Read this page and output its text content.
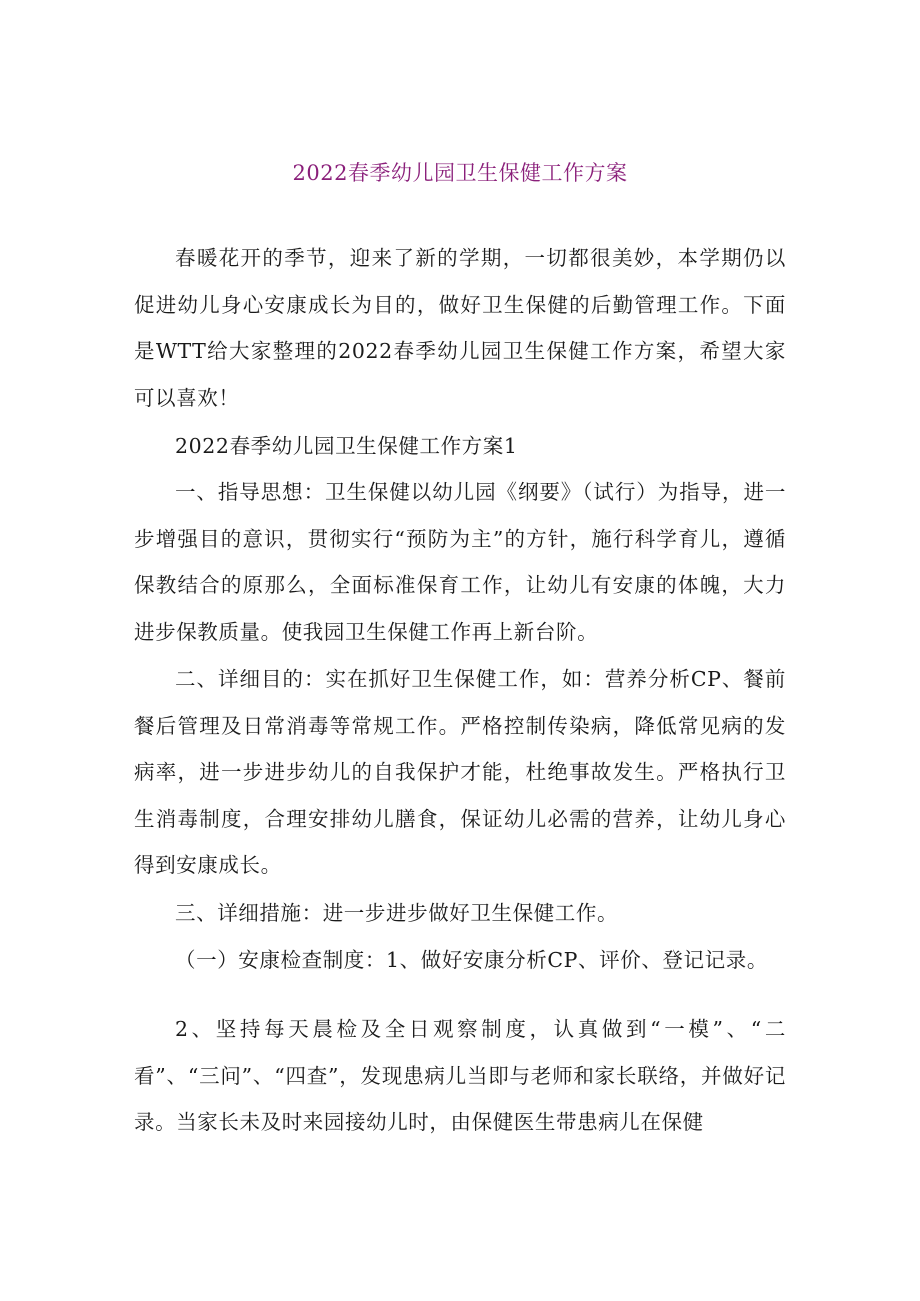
2022春季幼儿园卫生保健工作方案

春暖花开的季节，迎来了新的学期，一切都很美妙，本学期仍以促进幼儿身心安康成长为目的，做好卫生保健的后勤管理工作。下面是WTT给大家整理的2022春季幼儿园卫生保健工作方案，希望大家可以喜欢！

2022春季幼儿园卫生保健工作方案1

一、指导思想：卫生保健以幼儿园《纲要》（试行）为指导，进一步增强目的意识，贯彻实行“预防为主”的方针，施行科学育儿，遵循保教结合的原那么，全面标准保育工作，让幼儿有安康的体魄，大力进步保教质量。使我园卫生保健工作再上新台阶。

二、详细目的：实在抓好卫生保健工作，如：营养分析CP、餐前餐后管理及日常消毒等常规工作。严格控制传染病，降低常见病的发病率，进一步进步幼儿的自我保护才能，杜绝事故发生。严格执行卫生消毒制度，合理安排幼儿膳食，保证幼儿必需的营养，让幼儿身心得到安康成长。

三、详细措施：进一步进步做好卫生保健工作。

（一）安康检查制度：1、做好安康分析CP、评价、登记记录。

2、坚持每天晨检及全日观察制度，认真做到“一模”、“二看”、“三问”、“四查”，发现患病儿当即与老师和家长联络，并做好记录。当家长未及时来园接幼儿时，由保健医生带患病儿在保健
